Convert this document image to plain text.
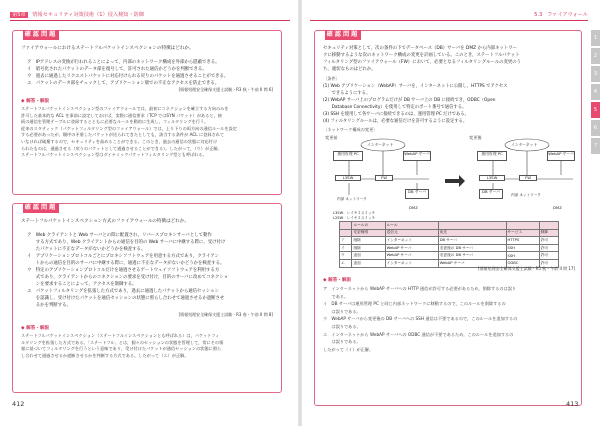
第5章 情報セキュリティ対策技術（1）侵入検知・防御
確認問題
ファイアウォールにおけるステートフルパケットインスペクションの特徴はどれか。
ア　IPアドレスの変換が行われることによって，内部のネットワーク構成を外部から隠蔽できる。
イ　暗号化されたパケットのデータ部を復号して，許可された通信かどうかを判断できる。
ウ　過去に通過したリクエストパケットに対応付けられる戻りのパケットを通過させることができる。
エ　パケットのデータ部をチェックして，アプリケーション層での不正なアクセスを防止できる。
[情報処理安全確保支援士試験・R3 秋・午前 II 問 6]
◆ 解答・解説
ステートフルパケットインスペクション型のファイアウォールでは，最初にコネクションを確立する方向のみを
許可した基本的な ACL を事前に設定しておけば，実際に通信要求（TCP ではSYN パケット）があると，接
続の通信を管理テーブルに登録するとともに必要なルールを動的に生成し，フィルタリングを行う。
従来のスタティック（パケットフィルタリング型のファイアウォール）では，上り下りの両方向の通信ルールを設定
する必要があったが，順序の矛盾したパケットが送られてきたとしても，該当する条件が ACL に登録されて
いなければ破棄するので，セキュリティを高めることができる。このとき，過去の通信の状態に対応付け
られたものは，通過させる（戻りのパケットとして通過させることができる）。したがって，（ウ）が正解。
ステートフルパケットインスペクション型はダイナミックパケットフィルタリング型とも呼ばれる。
確認問題
ステートフルパケットインスペクション方式のファイアウォールの特徴はどれか。
ア　Web クライアントと Web サーバとの間に配置され，リバースプロキシサーバとして動作
　　する方式であり，Web クライアントからの通信を目的の Web サーバに中継する際に，受け付け
　　たパケットに不正なデータがないかどうかを検査する。
イ　アプリケーションプロトコルごとにプロキシソフトウェアを用意する方式であり，クライアン
　　トからの通信を目的のサーバに中継する際に，通過に不正なデータがないかどうかを検査する。
ウ　特定のアプリケーションプロトコルだけを通過させるゲートウェイソフトウェアを利用する方
　　式であり，クライアントからのコネクションの要求を受け付け，目的のサーバに改めてコネクショ
　　ンを要求することによって，アクセスを制御する。
エ　パケットフィルタリングを拡張した方式であり，過去に通過したパケットから通信セッション
　　を認識し，受け付けたパケットを通信セッションの状態に照らし合わせて通過させるか遮断させ
　　るかを判断する。
[情報処理安全確保支援士試験・R3 春・午前 II 問 8]
◆ 解答・解説
ステートフルパケットインスペクション（ステートフルインスペクションとも呼ばれる）は，パケットフィ
ルタリングを拡張した方式である。「ステートフル」とは，個々のセッションの状態を管理して，常にその情
報に基づいてフィルタリングを行うという意味であり，受け付けたパケットが通信セッションの状態に照ら
し合わせて通過させるか遮断させるかを判断する方式である。したがって（エ）が正解。
412
5.3 ファイアウォール
1
2
3
4
5
6
7
確認問題
セキュリティ対策として，次の条件の下でデータベース（DB）サーバを DMZ から内部ネットワー
クに移動するような次のネットワーク構成の変更を計画している。このとき，ステートフルパケット
フィルタリング型のファイアウォール（FW）において，必要となるフィルタリングルールの変更のう
ち，適切なものはどれか。
〔条件〕
(1) Web アプリケーション（WebAP）サーバを，インターネットに公開し，HTTPS でアクセス
　　できるようにする。
(2) WebAP サーバ上のプログラムだけが DB サーバ上の DB に接続でき，ODBC（Open
　　Database Connectivity）を使用して特定のポート番号で通信する。
(3) SSH を使用して各サーバに接続できるのは，運用管理 PC だけである。
(4) フィルタリングルールは，必要な通信だけを許可するように設定する。
〔ネットワーク構成の変更〕
変更前	変更後
インターネット
運用管理 PC	WebAP サーバ
L3SW	FW
DB サーバ
内部 ネットワーク
DMZ
インターネット
運用管理 PC	WebAP サーバ
L3SW	FW
DB サーバ
内部 ネットワーク
DMZ
L3SW：レイヤ３スイッチ
L2SW：レイヤ２スイッチ
	ルールの	ルール			
	変更種別	送信元	宛先	サービス	制御
ア	削除	インターネット	DB サーバ	HTTPS	許可
イ	削除	WebAP サーバ	変更後の DB サーバ	SSH	許可
ウ	追加	WebAP サーバ	変更後の DB サーバ	SSH	許可
エ	追加	インターネット	WebAP サーバ	ODBC	許可
[情報処理安全確保支援士試験・R5 秋・午前 II 問 17]
◆ 解答・解説
ア　インターネットから WebAP サーバへの HTTP 通信が許可する必要があるため，削除するのは誤り
　　である。
イ　DB サーバは運用管理 PC と同じ内部ネットワークに移動するので，このルールを削除するの
　　は誤りである。
ウ　WebAP サーバから変更後の DB サーバへの SSH 通信は不要であるので，このルールを追加するの
　　は誤りである。
エ　インターネットから WebAP サーバへの ODBC 通信が不要であるため，このルールを追加するの
　　は誤りである。
したがって（イ）が正解。
413
